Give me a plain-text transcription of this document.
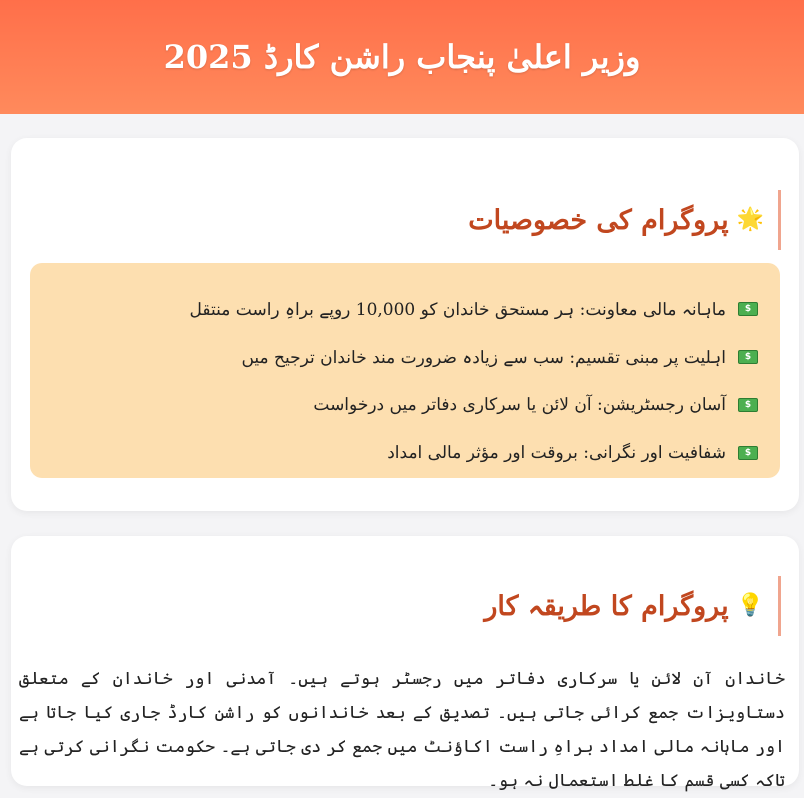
وزیر اعلیٰ پنجاب راشن کارڈ 2025
🌟
پروگرام کی خصوصیات
$
ماہانہ مالی معاونت: ہر مستحق خاندان کو 10,000 روپے براہِ راست منتقل
$
اہلیت پر مبنی تقسیم: سب سے زیادہ ضرورت مند خاندان ترجیح میں
$
آسان رجسٹریشن: آن لائن یا سرکاری دفاتر میں درخواست
$
شفافیت اور نگرانی: بروقت اور مؤثر مالی امداد
💡
پروگرام کا طریقہ کار

خاندان آن لائن یا سرکاری دفاتر میں رجسٹر ہوتے ہیں۔ آمدنی اور خاندان کے متعلق دستاویزات جمع کرائی جاتی ہیں۔ تصدیق کے بعد خاندانوں کو راشن کارڈ جاری کیا جاتا ہے اور ماہانہ مالی امداد براہِ راست اکاؤنٹ میں جمع کر دی جاتی ہے۔ حکومت نگرانی کرتی ہے تاکہ کسی قسم کا غلط استعمال نہ ہو۔
